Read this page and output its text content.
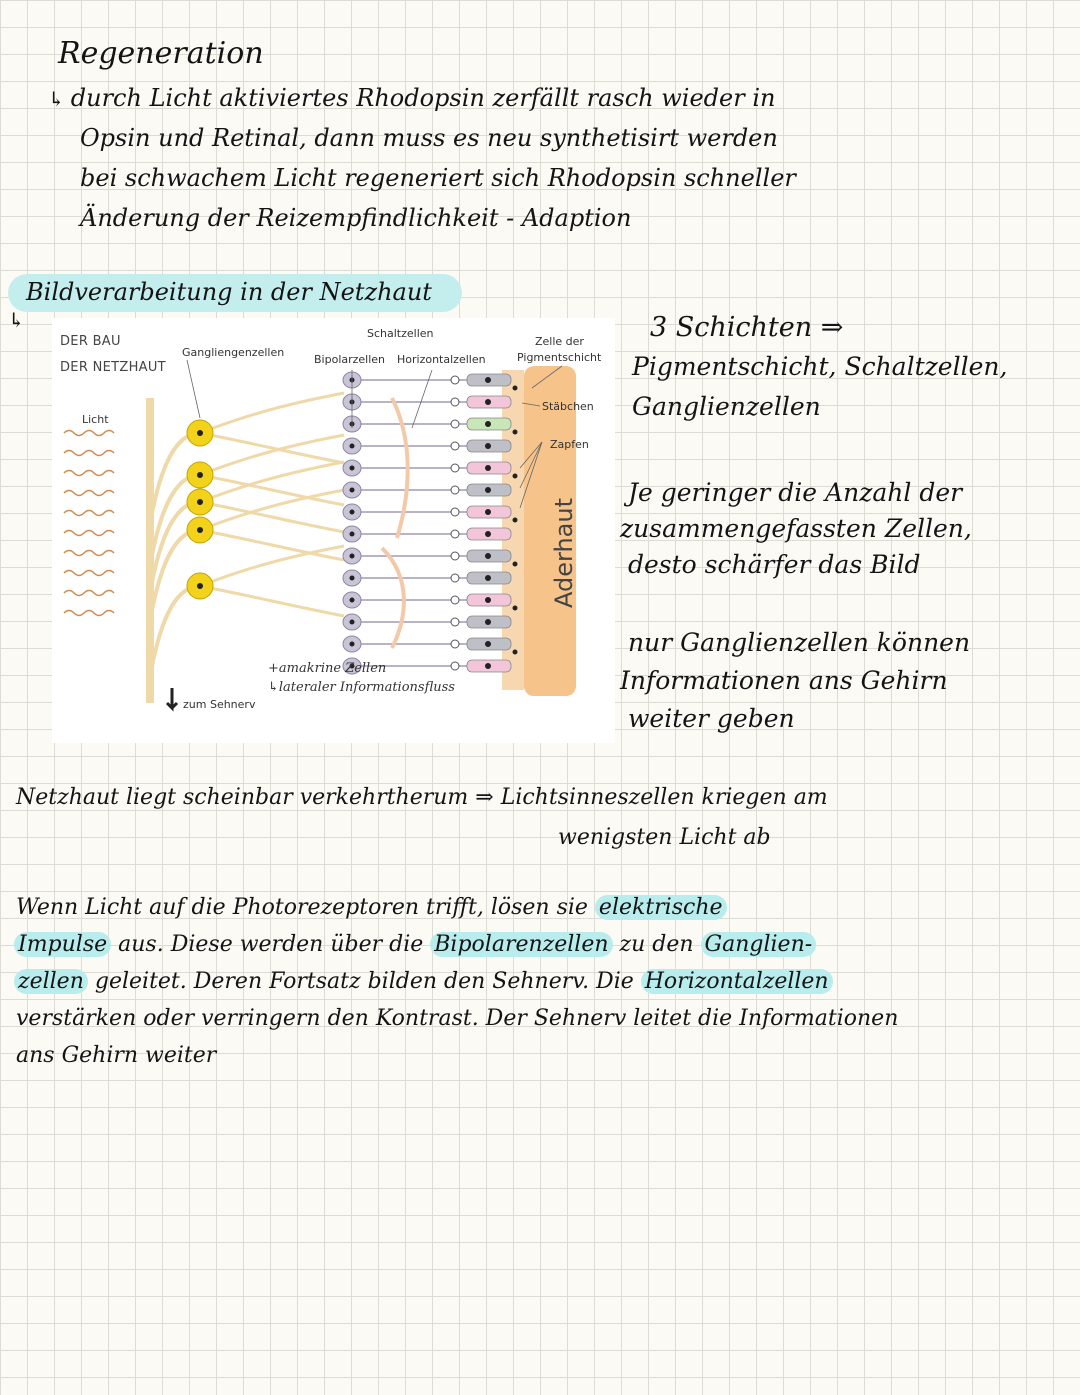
Regeneration
↳ durch Licht aktiviertes Rhodopsin zerfällt rasch wieder in
Opsin und Retinal, dann muss es neu synthetisirt werden
bei schwachem Licht regeneriert sich Rhodopsin schneller
Änderung der Reizempfindlichkeit - Adaption
Bildverarbeitung in der Netzhaut
↳
DER BAU
DER NETZHAUT
Schaltzellen
Gangliengenzellen
Bipolarzellen Horizontalzellen
Zelle der
Pigmentschicht
Stäbchen
Zapfen
Licht
zum Sehnerv
+amakrine Zellen
↳lateraler Informationsfluss
Aderhaut
3 Schichten ⇒
Pigmentschicht, Schaltzellen,
Ganglienzellen
Je geringer die Anzahl der
zusammengefassten Zellen,
desto schärfer das Bild
nur Ganglienzellen können
Informationen ans Gehirn
weiter geben
Netzhaut liegt scheinbar verkehrtherum ⇒ Lichtsinneszellen kriegen am
wenigsten Licht ab
Wenn Licht auf die Photorezeptoren trifft, lösen sie elektrische
Impulse aus. Diese werden über die Bipolarenzellen zu den Ganglien-
zellen geleitet. Deren Fortsatz bilden den Sehnerv. Die Horizontalzellen
verstärken oder verringern den Kontrast. Der Sehnerv leitet die Informationen
ans Gehirn weiter
